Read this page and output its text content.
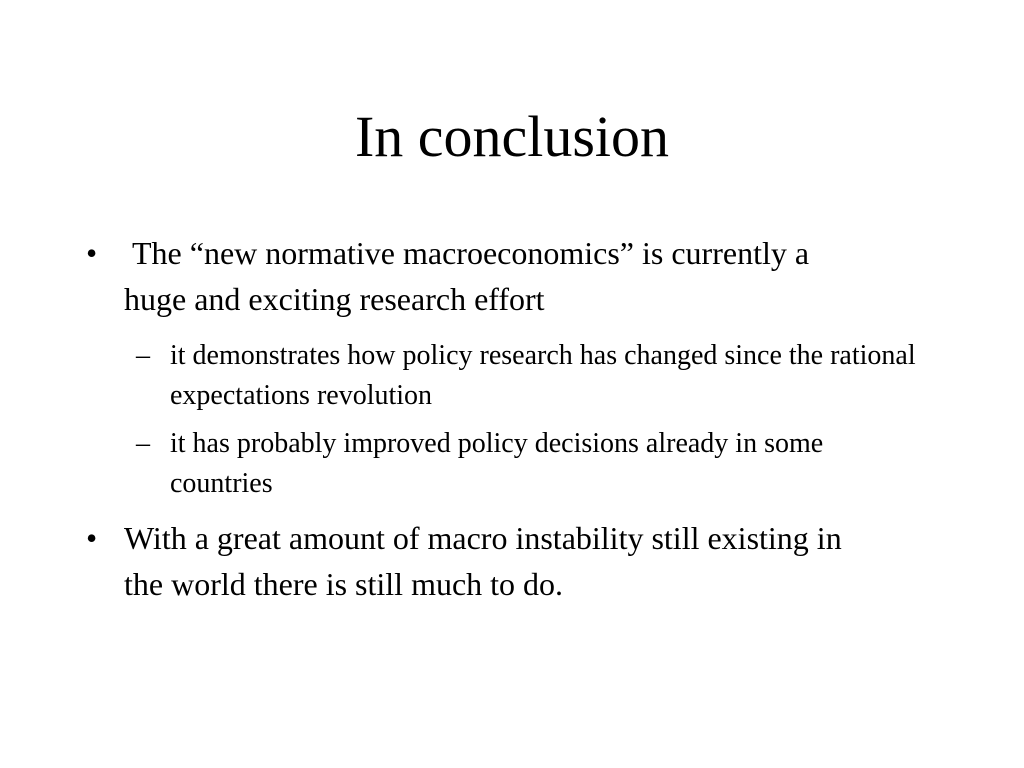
In conclusion
• The “new normative macroeconomics” is currently a huge and exciting research effort
– it demonstrates how policy research has changed since the rational expectations revolution
– it has probably improved policy decisions already in some countries
• With a great amount of macro instability still existing in the world there is still much to do.
